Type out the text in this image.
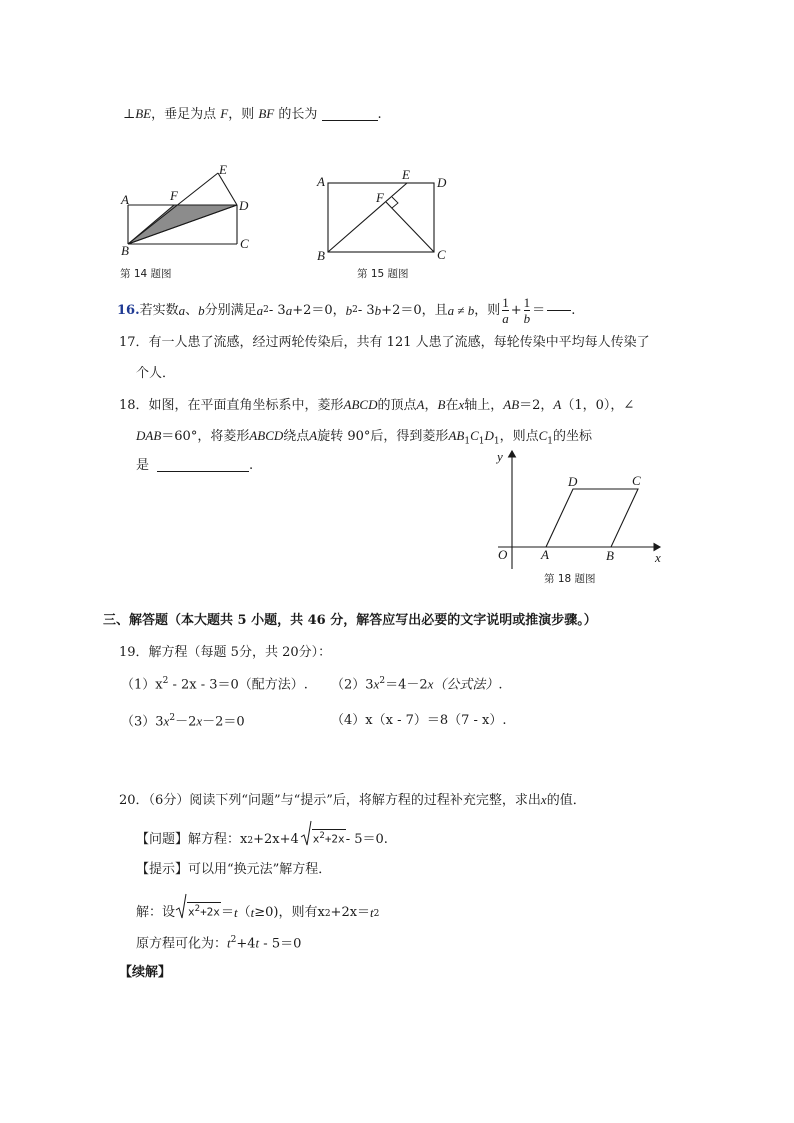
⊥BE，垂足为点 F，则 BF 的长为	.
A
B	C
D
E
F
第 14 题图
A
B	C
D
E
F
第 15 题图
16. 若实数 a 、 b 分别满足 a 2 - 3 a +2＝0， b 2 - 3 b +2＝0，且 a ≠ b ，则 $\frac{1}{a} + \frac{1}{b}$ ＝ .
17．有一人患了流感，经过两轮传染后，共有 121 人患了流感，每轮传染中平均每人传染了
个人．
18．如图，在平面直角坐标系中，菱形ABCD的顶点A，B在x轴上，AB＝2，A（1，0），∠
DAB＝60°，将菱形ABCD绕点A旋转 90°后，得到菱形$AB_1C_1D_1$，则点$C_1$的坐标
是	.
y
x
O	A	B
C
D
第 18 题图
三、解答题（本大题共 5 小题，共 46 分，解答应写出必要的文字说明或推演步骤。）
19．解方程（每题 5分，共 20分）：
$(1)x^2 - 2x - 3=0$（配方法）. $(2)3x^2=4-2x$（公式法）.
$(3)3x^2-2x-2=0$	（4）x（x - 7）＝8（7 - x）.
20．（6分）阅读下列“问题”与“提示”后，将解方程的过程补充完整，求出x的值．
【问题】解方程： x 2 +2x+4	$x^2+2x - 5=0$.
【提示】可以用“换元法”解方程．
解：设	$x^2+2x = t$ （ t ≥0)，则有 x 2 +2x＝ t 2
原方程可化为：$t^2+4t - 5=0$
【续解】
